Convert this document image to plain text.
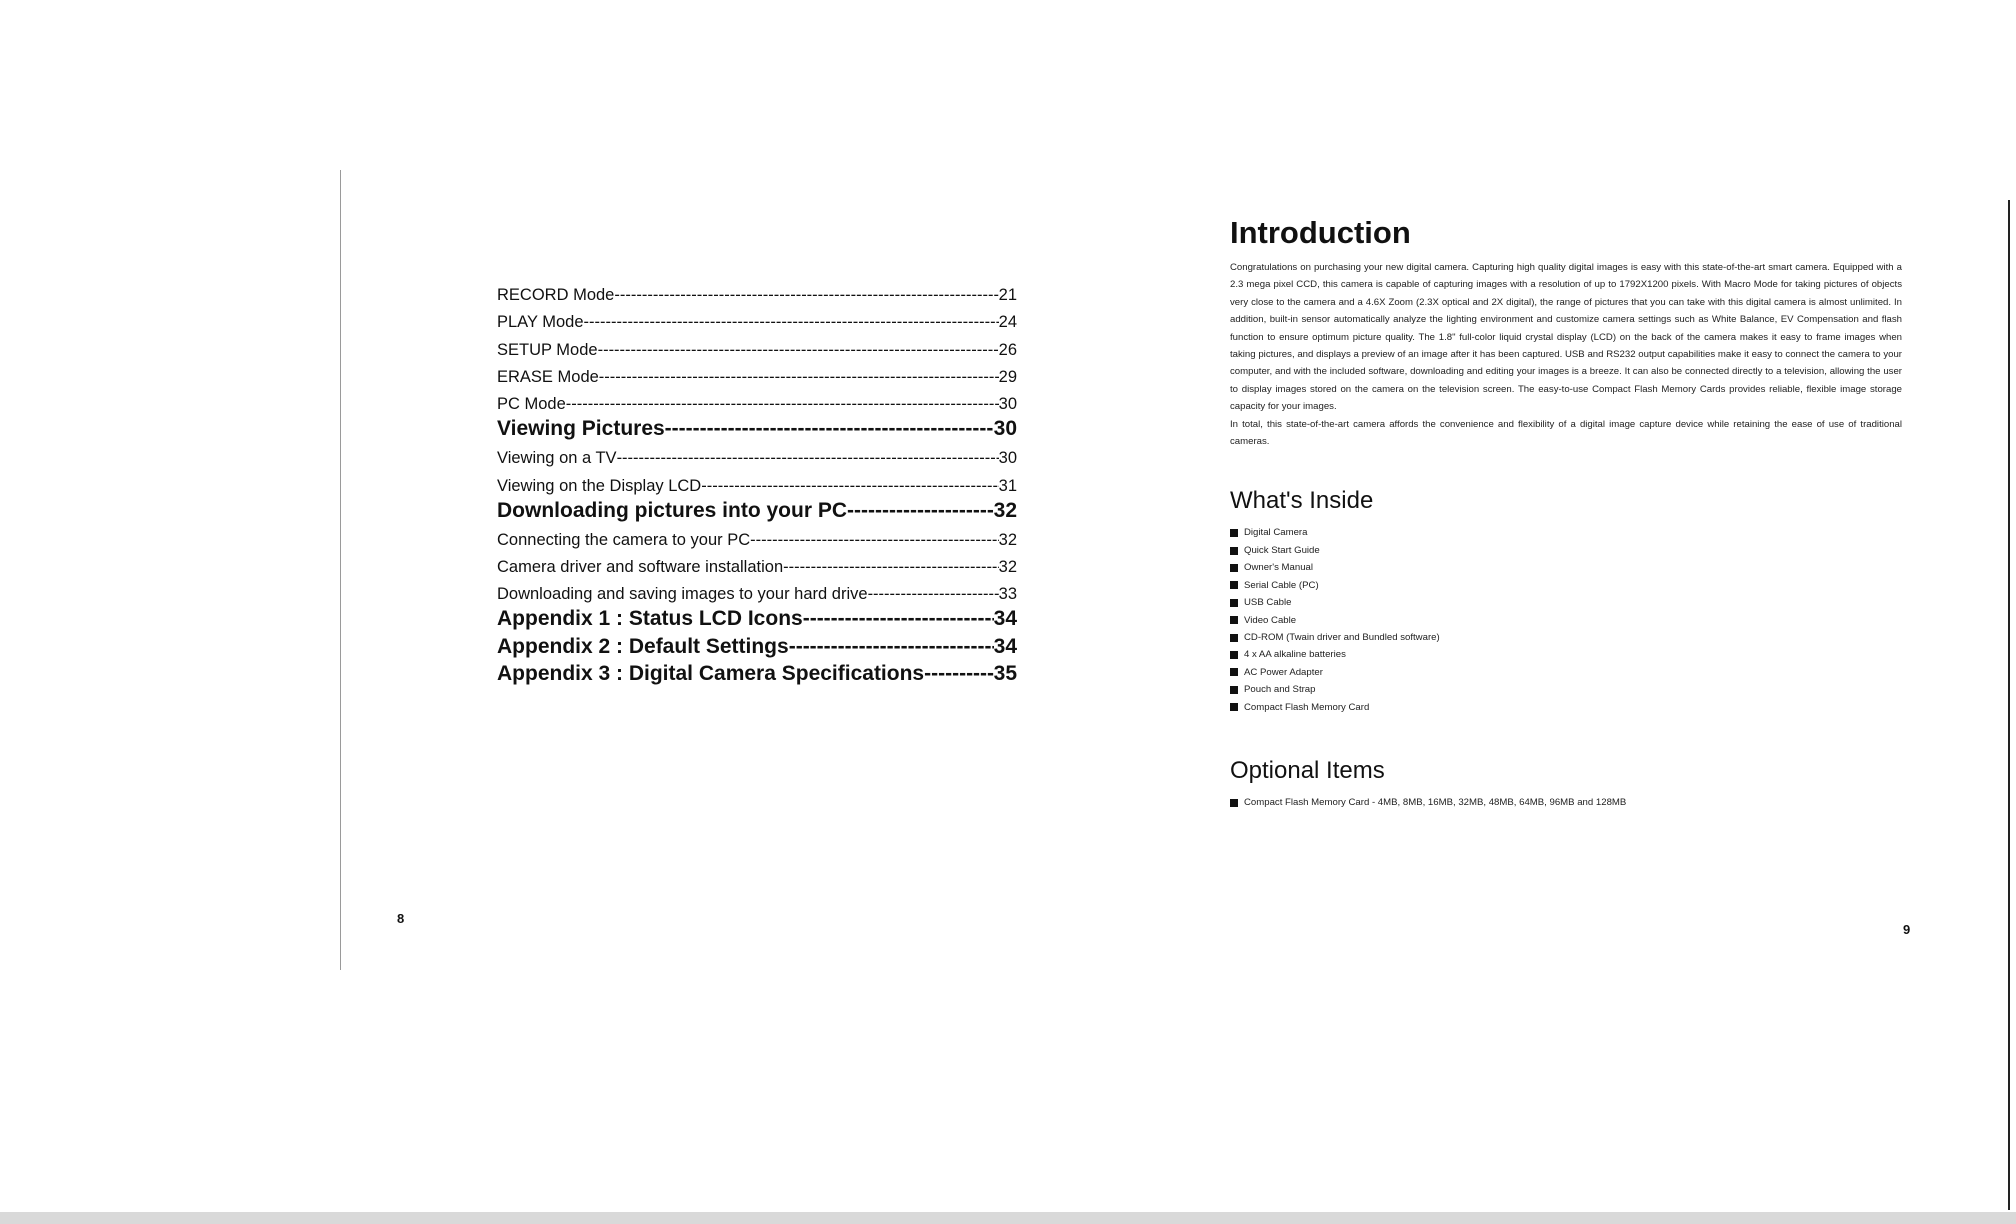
RECORD Mode -----	21
PLAY Mode -----	24
SETUP Mode -----	26
ERASE Mode -----	29
PC Mode -----	30
Viewing Pictures -----	30
Viewing on a TV -----	30
Viewing on the Display LCD -----	31
Downloading pictures into your PC -----	32
Connecting the camera to your PC -----	32
Camera driver and software installation -----	32
Downloading and saving images to your hard drive -----	33
Appendix 1 : Status LCD Icons -----	34
Appendix 2 : Default Settings -----	34
Appendix 3 : Digital Camera Specifications -----	35
8
Introduction

Congratulations on purchasing your new digital camera. Capturing high quality digital images is easy with this state-of-the-art smart camera. Equipped with a 2.3 mega pixel CCD, this camera is capable of capturing images with a resolution of up to 1792X1200 pixels. With Macro Mode for taking pictures of objects very close to the camera and a 4.6X Zoom (2.3X optical and 2X digital), the range of pictures that you can take with this digital camera is almost unlimited. In addition, built-in sensor automatically analyze the lighting environment and customize camera settings such as White Balance, EV Compensation and flash function to ensure optimum picture quality. The 1.8" full-color liquid crystal display (LCD) on the back of the camera makes it easy to frame images when taking pictures, and displays a preview of an image after it has been captured. USB and RS232 output capabilities make it easy to connect the camera to your computer, and with the included software, downloading and editing your images is a breeze. It can also be connected directly to a television, allowing the user to display images stored on the camera on the television screen. The easy-to-use Compact Flash Memory Cards provides reliable, flexible image storage capacity for your images.

In total, this state-of-the-art camera affords the convenience and flexibility of a digital image capture device while retaining the ease of use of traditional cameras.

What's Inside
Digital Camera
Quick Start Guide
Owner's Manual
Serial Cable (PC)
USB Cable
Video Cable
CD-ROM (Twain driver and Bundled software)
4 x AA alkaline batteries
AC Power Adapter
Pouch and Strap
Compact Flash Memory Card
Optional Items
Compact Flash Memory Card - 4MB, 8MB, 16MB, 32MB, 48MB, 64MB, 96MB and 128MB
9
